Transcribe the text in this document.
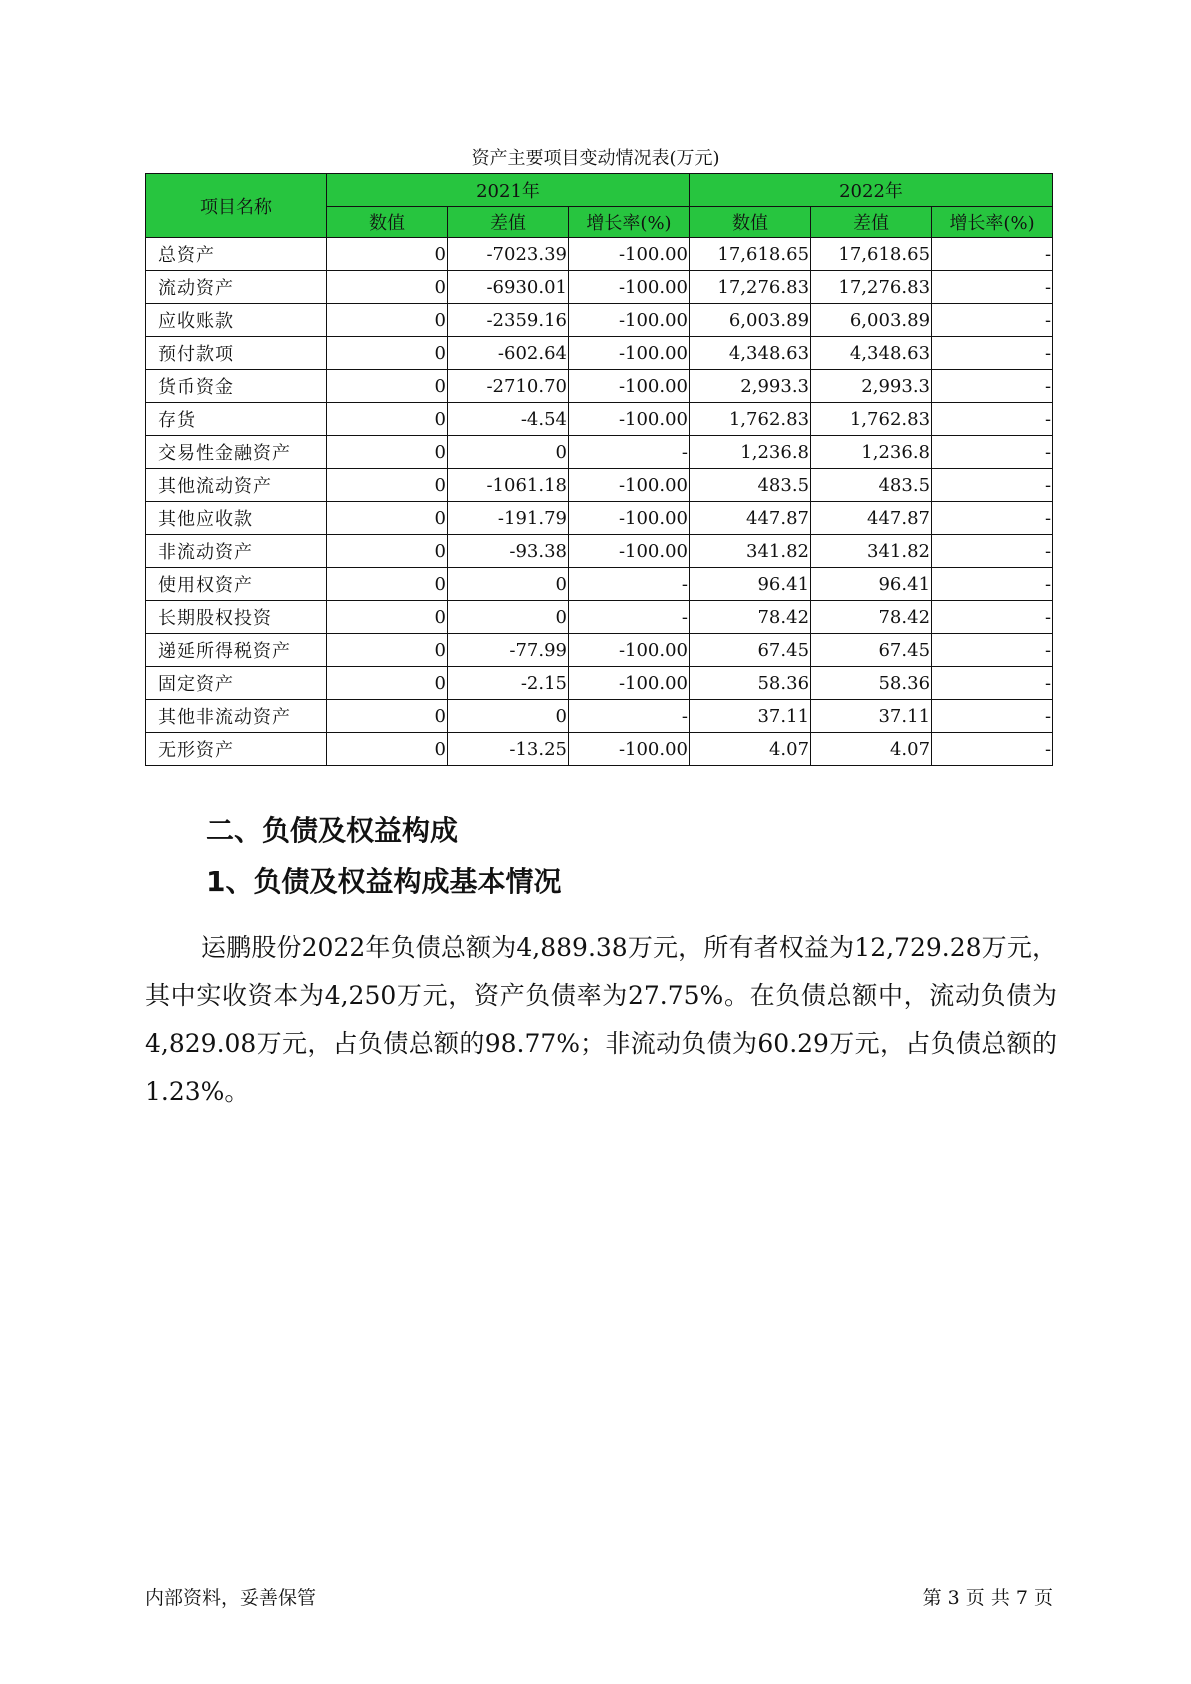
资产主要项目变动情况表(万元)
项目名称	2021年			2022年		
	数值	差值	增长率(%)	数值	差值	增长率(%)
总资产	0	-7023.39	-100.00	17,618.65	17,618.65	-
流动资产	0	-6930.01	-100.00	17,276.83	17,276.83	-
应收账款	0	-2359.16	-100.00	6,003.89	6,003.89	-
预付款项	0	-602.64	-100.00	4,348.63	4,348.63	-
货币资金	0	-2710.70	-100.00	2,993.3	2,993.3	-
存货	0	-4.54	-100.00	1,762.83	1,762.83	-
交易性金融资产	0	0	-	1,236.8	1,236.8	-
其他流动资产	0	-1061.18	-100.00	483.5	483.5	-
其他应收款	0	-191.79	-100.00	447.87	447.87	-
非流动资产	0	-93.38	-100.00	341.82	341.82	-
使用权资产	0	0	-	96.41	96.41	-
长期股权投资	0	0	-	78.42	78.42	-
递延所得税资产	0	-77.99	-100.00	67.45	67.45	-
固定资产	0	-2.15	-100.00	58.36	58.36	-
其他非流动资产	0	0	-	37.11	37.11	-
无形资产	0	-13.25	-100.00	4.07	4.07	-
二、负债及权益构成
1、负债及权益构成基本情况

运鹏股份2022年负债总额为4,889.38万元，所有者权益为12,729.28万元，其中实收资本为4,250万元，资产负债率为27.75%。在负债总额中，流动负债为4,829.08万元，占负债总额的98.77%；非流动负债为60.29万元，占负债总额的1.23%。

内部资料，妥善保管	第 3 页 共 7 页
